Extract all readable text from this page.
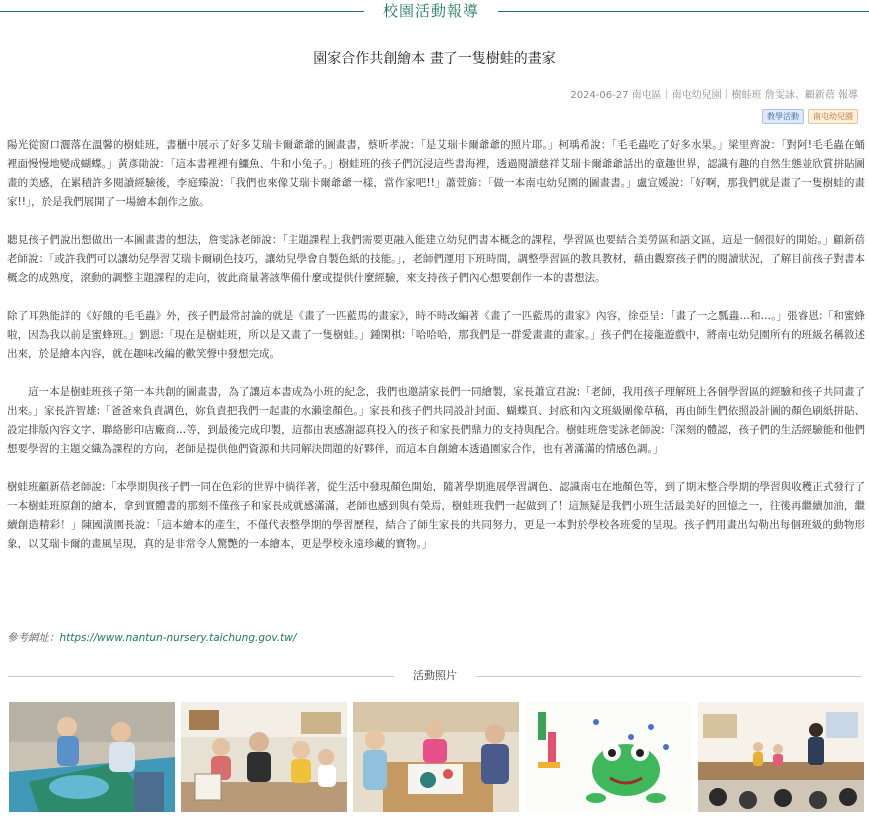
校園活動報導
園家合作共創繪本 畫了一隻樹蛙的畫家
2024-06-27 南屯區｜南屯幼兒園｜樹蛙班 詹雯詠、顧新蓓 報導
教學活動	南屯幼兒園

陽光從窗口灑落在溫馨的樹蛙班，書櫃中展示了好多艾瑞卡爾爺爺的圖畫書，蔡昕孝說：「是艾瑞卡爾爺爺的照片耶。」柯瑀希說：「毛毛蟲吃了好多水果。」梁里齊說：「對阿!毛毛蟲在蛹裡面慢慢地變成蝴蝶。」黃彥勛說：「這本書裡裡有鱷魚、牛和小兔子。」樹蛙班的孩子們沉浸這些書海裡，透過閱讀慈祥艾瑞卡爾爺爺話出的童趣世界，認識有趣的自然生態並欣賞拼貼圖畫的美感，在累積許多閱讀經驗後，李庭臻說：「我們也來像艾瑞卡爾爺爺一樣，當作家吧!!」蕭萱旆：「做一本南屯幼兒園的圖畫書。」盧宣媛說：「好啊，那我們就是畫了一隻樹蛙的畫家!!」，於是我們展開了一場繪本創作之旅。

聽見孩子們說出想做出一本圖畫書的想法，詹雯詠老師說：「主題課程上我們需要更融入能建立幼兒們書本概念的課程，學習區也要結合美勞區和語文區，這是一個很好的開始。」顧新蓓老師說：「或許我們可以讓幼兒學習艾瑞卡爾刷色技巧，讓幼兒學會自製色紙的技能。」，老師們運用下班時間，調整學習區的教具教材，藉由觀察孩子們的閱讀狀況，了解目前孩子對書本概念的成熟度，滾動的調整主題課程的走向，彼此商量著該準備什麼或提供什麼經驗，來支持孩子們內心想要創作一本的書想法。

除了耳熟能詳的《好餓的毛毛蟲》外，孩子們最常討論的就是《畫了一匹藍馬的畫家》，時不時改編著《畫了一匹藍馬的畫家》內容，徐亞呈：「畫了一之瓢蟲…和…。」張睿恩:「和蜜蜂啦，因為我以前是蜜蜂班。」劉恩:「現在是樹蛙班，所以是又畫了一隻樹蛙。」鍾閑棋:「哈哈哈，那我們是一群愛畫畫的畫家。」孩子們在接龍遊戲中，將南屯幼兒園所有的班級名稱敘述出來，於是繪本內容，就在趣味改編的歡笑聲中發想完成。

這一本是樹蛙班孩子第一本共創的圖畫書，為了讓這本書成為小班的紀念，我們也邀請家長們一同繪製，家長蕭宣君說:「老師，我用孩子理解班上各個學習區的經驗和孩子共同畫了出來。」家長許智雄:「爸爸來負責調色，妳負責把我們一起畫的水瀨塗顏色。」家長和孩子們共同設計封面、蝴蝶頁、封底和內文班級團像草稿，再由師生們依照設計圖的顏色刷紙拼貼、設定排版內容文字、聯絡影印店廠商…等，到最後完成印製，這都由衷感謝認真投入的孩子和家長們鼎力的支持與配合。樹蛙班詹雯詠老師說:「深刻的體認，孩子們的生活經驗能和他們想要學習的主題交織為課程的方向，老師是提供他們資源和共同解決問題的好夥伴，而這本自創繪本透過園家合作，也有著滿滿的情感色調。」

樹蛙班顧新蓓老師說:「本學期與孩子們一同在色彩的世界中徜徉著，從生活中發現顏色開始，隨著學期進展學習調色、認識南屯在地顏色等，到了期末整合學期的學習與收穫正式發行了一本樹蛙班原創的繪本，拿到實體書的那刻不僅孩子和家長成就感滿滿，老師也感到與有榮焉，樹蛙班我們一起做到了！這無疑是我們小班生活最美好的回憶之一，往後再繼續加油，繼續創造精彩！」陳國潢園長說：「這本繪本的產生，不僅代表整學期的學習歷程，結合了師生家長的共同努力，更是一本對於學校各班愛的呈現。孩子們用畫出勾勒出每個班級的動物形象，以艾瑞卡爾的畫風呈現，真的是非常令人驚艷的一本繪本，更是學校永遠珍藏的寶物。」

參考網址：https://www.nantun-nursery.taichung.gov.tw/
活動照片
